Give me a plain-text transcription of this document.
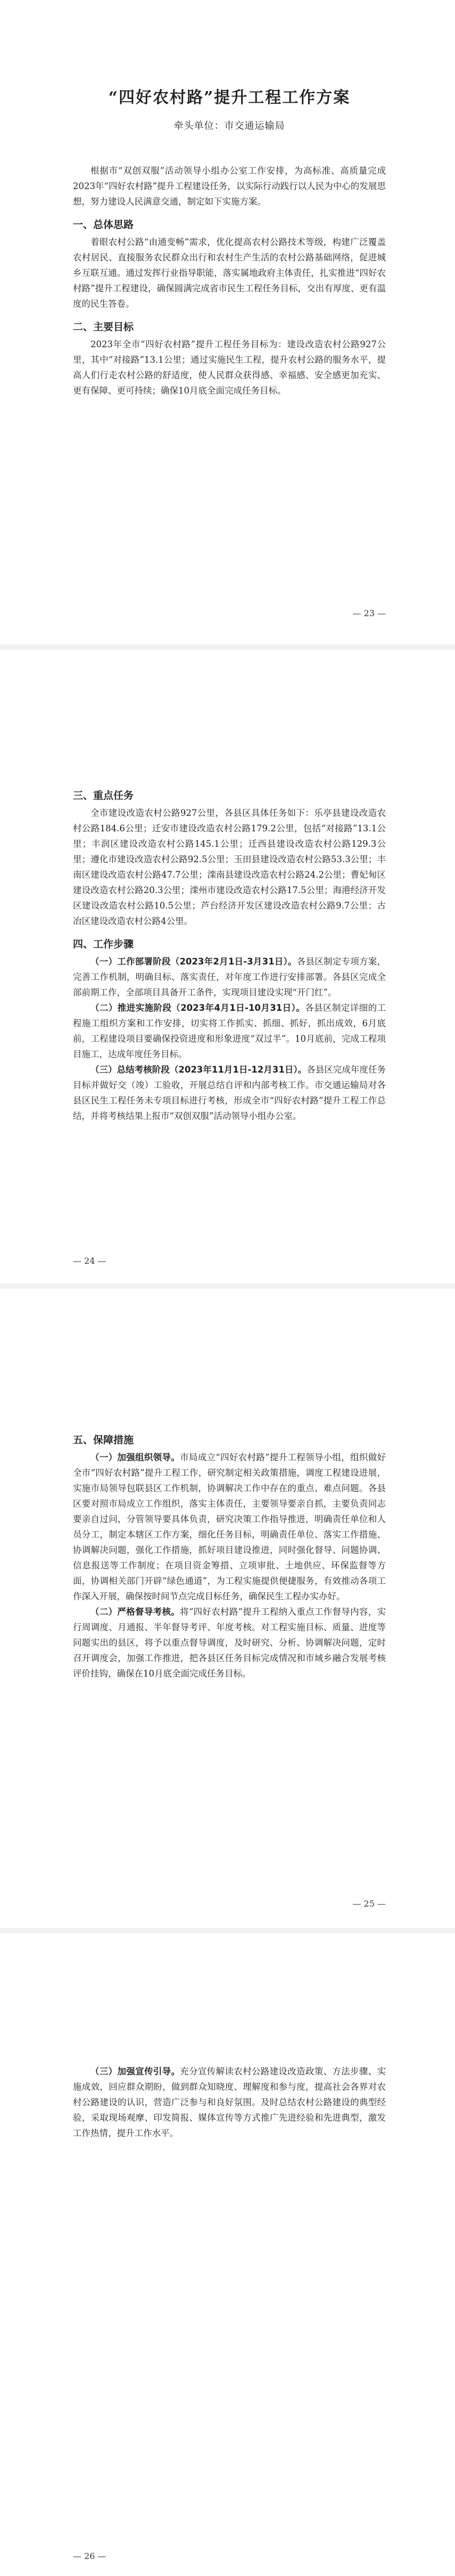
“四好农村路”提升工程工作方案
牵头单位：市交通运输局

根据市“双创双服”活动领导小组办公室工作安排，为高标准、高质量完成2023年“四好农村路”提升工程建设任务，以实际行动践行以人民为中心的发展思想，努力建设人民满意交通，制定如下实施方案。

一、总体思路

着眼农村公路“由通变畅”需求，优化提高农村公路技术等级，构建广泛覆盖农村居民、直接服务农民群众出行和农村生产生活的农村公路基础网络，促进城乡互联互通。通过发挥行业指导职能，落实属地政府主体责任，扎实推进“四好农村路”提升工程建设，确保圆满完成省市民生工程任务目标，交出有厚度、更有温度的民生答卷。

二、主要目标

2023年全市“四好农村路”提升工程任务目标为：建设改造农村公路927公里，其中“对接路”13.1公里；通过实施民生工程，提升农村公路的服务水平，提高人们行走农村公路的舒适度，使人民群众获得感、幸福感、安全感更加充实、更有保障、更可持续；确保10月底全面完成任务目标。

— 23 —
三、重点任务

全市建设改造农村公路927公里，各县区具体任务如下：乐亭县建设改造农村公路184.6公里；迁安市建设改造农村公路179.2公里，包括“对接路”13.1公里；丰润区建设改造农村公路145.1公里；迁西县建设改造农村公路129.3公里；遵化市建设改造农村公路92.5公里；玉田县建设改造农村公路53.3公里；丰南区建设改造农村公路47.7公里；滦南县建设改造农村公路24.2公里；曹妃甸区建设改造农村公路20.3公里；滦州市建设改造农村公路17.5公里；海港经济开发区建设改造农村公路10.5公里；芦台经济开发区建设改造农村公路9.7公里；古冶区建设改造农村公路4公里。

四、工作步骤

（一）工作部署阶段（2023年2月1日-3月31日）。各县区制定专项方案，完善工作机制，明确目标、落实责任，对年度工作进行安排部署。各县区完成全部前期工作，全部项目具备开工条件，实现项目建设实现“开门红”。

（二）推进实施阶段（2023年4月1日-10月31日）。各县区制定详细的工程施工组织方案和工作安排，切实将工作抓实、抓细、抓好，抓出成效，6月底前，工程建设项目要确保投资进度和形象进度“双过半”。10月底前，完成工程项目施工，达成年度任务目标。

（三）总结考核阶段（2023年11月1日-12月31日）。各县区完成年度任务目标并做好交（竣）工验收，开展总结自评和内部考核工作。市交通运输局对各县区民生工程任务未专项目标进行考核，形成全市“四好农村路”提升工程工作总结，并将考核结果上报市“双创双服”活动领导小组办公室。

— 24 —
五、保障措施

（一）加强组织领导。市局成立“四好农村路”提升工程领导小组，组织做好全市“四好农村路”提升工程工作，研究制定相关政策措施，调度工程建设进展，实施市局领导包联县区工作机制，协调解决工作中存在的重点、难点问题。各县区要对照市局成立工作组织，落实主体责任，主要领导要亲自抓，主要负责同志要亲自过问，分管领导要具体负责，研究决策工作指导推进，明确责任单位和人员分工，制定本辖区工作方案，细化任务目标，明确责任单位、落实工作措施、协调解决问题，强化工作措施，抓好项目建设推进，同时强化督导、问题协调、信息报送等工作制度；在项目资金筹措、立项审批、土地供应、环保监督等方面，协调相关部门开辟“绿色通道”，为工程实施提供便捷服务，有效推动各项工作深入开展，确保按时间节点完成目标任务，确保民生工程办实办好。

（二）严格督导考核。将“四好农村路”提升工程纳入重点工作督导内容，实行周调度、月通报、半年督导考评、年度考核。对工程实施目标、质量、进度等问题实出的县区，将予以重点督导调度，及时研究、分析、协调解决问题，定时召开调度会，加强工作推进，把各县区任务目标完成情况和市域乡融合发展考核评价挂钩，确保在10月底全面完成任务目标。

— 25 —

（三）加强宣传引导。充分宣传解读农村公路建设改造政策、方法步骤、实施成效，回应群众期盼，做到群众知晓度、理解度和参与度，提高社会各界对农村公路建设的认识，营造广泛参与和良好氛围。及时总结农村公路建设的典型经验，采取现场观摩、印发简报、媒体宣传等方式推广先进经验和先进典型，激发工作热情，提升工作水平。

— 26 —
